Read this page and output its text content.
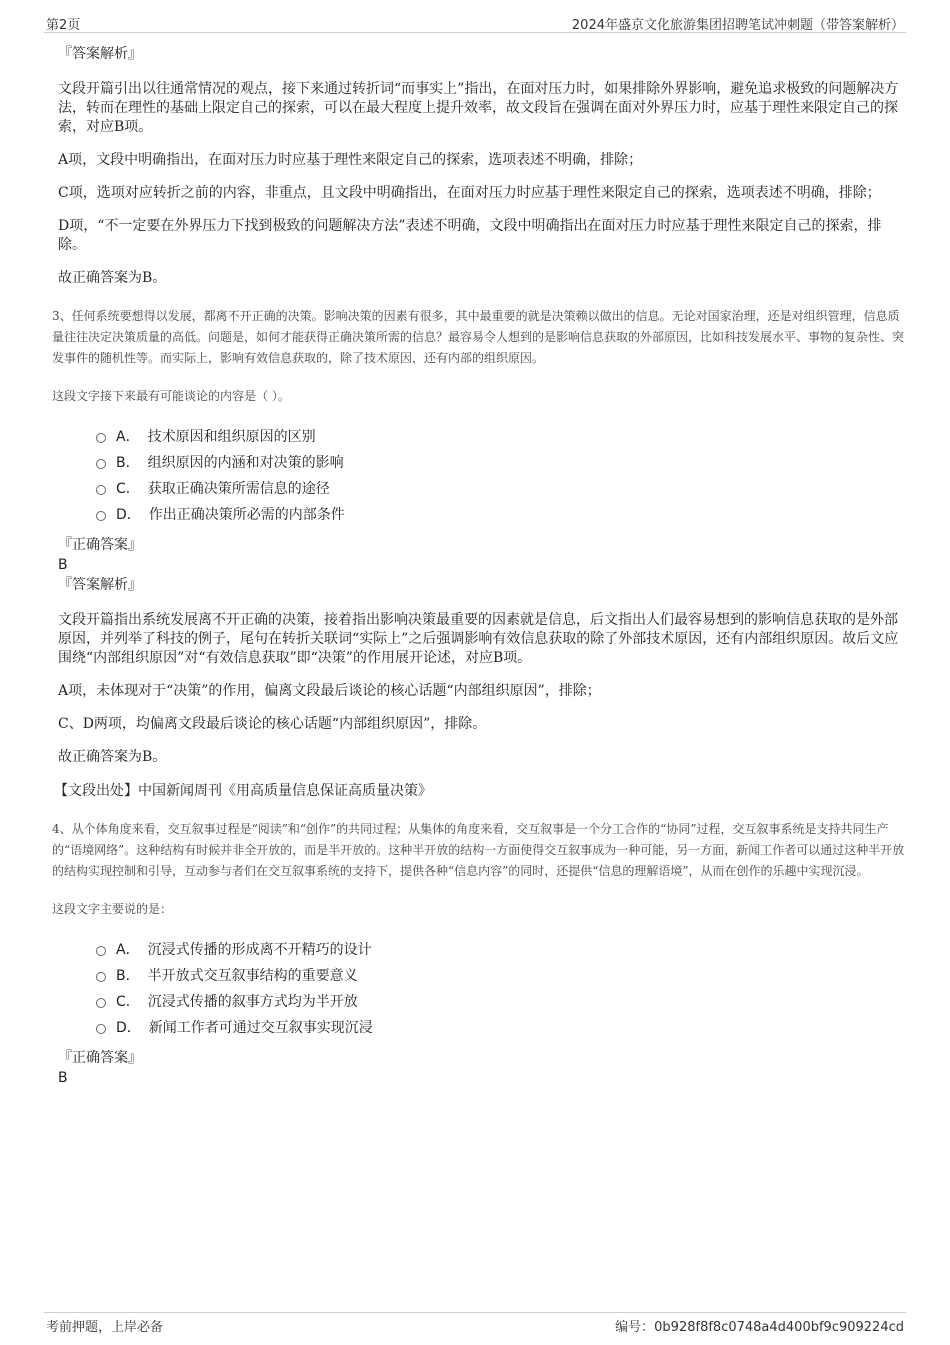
第2页	2024年盛京文化旅游集团招聘笔试冲刺题（带答案解析）
『答案解析』
文段开篇引出以往通常情况的观点，接下来通过转折词“而事实上”指出，在面对压力时，如果排除外界影响，避免追求极致的问题解决方法，转而在理性的基础上限定自己的探索，可以在最大程度上提升效率，故文段旨在强调在面对外界压力时，应基于理性来限定自己的探索，对应B项。
A项，文段中明确指出，在面对压力时应基于理性来限定自己的探索，选项表述不明确，排除；
C项，选项对应转折之前的内容，非重点，且文段中明确指出，在面对压力时应基于理性来限定自己的探索，选项表述不明确，排除；
D项，“不一定要在外界压力下找到极致的问题解决方法”表述不明确，文段中明确指出在面对压力时应基于理性来限定自己的探索，排除。
故正确答案为B。
3、任何系统要想得以发展，都离不开正确的决策。影响决策的因素有很多，其中最重要的就是决策赖以做出的信息。无论对国家治理，还是对组织管理，信息质量往往决定决策质量的高低。问题是，如何才能获得正确决策所需的信息？最容易令人想到的是影响信息获取的外部原因，比如科技发展水平、事物的复杂性、突发事件的随机性等。而实际上，影响有效信息获取的，除了技术原因，还有内部的组织原因。
这段文字接下来最有可能谈论的内容是（ ）。
A． 技术原因和组织原因的区别
B． 组织原因的内涵和对决策的影响
C． 获取正确决策所需信息的途径
D． 作出正确决策所必需的内部条件
『正确答案』
B
『答案解析』
文段开篇指出系统发展离不开正确的决策，接着指出影响决策最重要的因素就是信息，后文指出人们最容易想到的影响信息获取的是外部原因，并列举了科技的例子，尾句在转折关联词“实际上”之后强调影响有效信息获取的除了外部技术原因，还有内部组织原因。故后文应围绕“内部组织原因”对“有效信息获取”即“决策”的作用展开论述，对应B项。
A项，未体现对于“决策”的作用，偏离文段最后谈论的核心话题“内部组织原因”，排除；
C、D两项，均偏离文段最后谈论的核心话题“内部组织原因”，排除。
故正确答案为B。
【文段出处】中国新闻周刊《用高质量信息保证高质量决策》
4、从个体角度来看，交互叙事过程是“阅读”和“创作”的共同过程；从集体的角度来看，交互叙事是一个分工合作的“协同”过程，交互叙事系统是支持共同生产的“语境网络”。这种结构有时候并非全开放的，而是半开放的。这种半开放的结构一方面使得交互叙事成为一种可能，另一方面，新闻工作者可以通过这种半开放的结构实现控制和引导，互动参与者们在交互叙事系统的支持下，提供各种“信息内容”的同时，还提供“信息的理解语境”，从而在创作的乐趣中实现沉浸。
这段文字主要说的是：
A． 沉浸式传播的形成离不开精巧的设计
B． 半开放式交互叙事结构的重要意义
C． 沉浸式传播的叙事方式均为半开放
D． 新闻工作者可通过交互叙事实现沉浸
『正确答案』
B
考前押题，上岸必备	编号：0b928f8f8c0748a4d400bf9c909224cd
